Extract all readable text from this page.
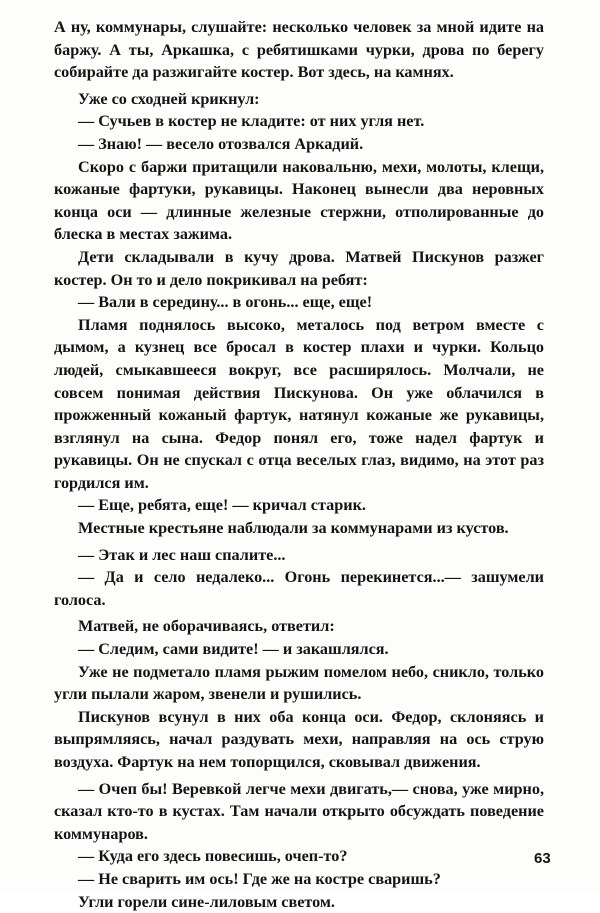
А ну, коммунары, слушайте: несколько человек за мной идите на баржу. А ты, Аркашка, с ребятишками чурки, дрова по берегу собирайте да разжигайте костер. Вот здесь, на камнях.

Уже со сходней крикнул:

— Сучьев в костер не кладите: от них угля нет.

— Знаю! — весело отозвался Аркадий.

Скоро с баржи притащили наковальню, мехи, молоты, клещи, кожаные фартуки, рукавицы. Наконец вынесли два неровных конца оси — длинные железные стержни, отполированные до блеска в местах зажима.

Дети складывали в кучу дрова. Матвей Пискунов разжег костер. Он то и дело покрикивал на ребят:

— Вали в середину... в огонь... еще, еще!

Пламя поднялось высоко, металось под ветром вместе с дымом, а кузнец все бросал в костер плахи и чурки. Кольцо людей, смыкавшееся вокруг, все расширялось. Молчали, не совсем понимая действия Пискунова. Он уже облачился в прожженный кожаный фартук, натянул кожаные же рукавицы, взглянул на сына. Федор понял его, тоже надел фартук и рукавицы. Он не спускал с отца веселых глаз, видимо, на этот раз гордился им.

— Еще, ребята, еще! — кричал старик.

Местные крестьяне наблюдали за коммунарами из кустов.

— Этак и лес наш спалите...

— Да и село недалеко... Огонь перекинется...— зашумели голоса.

Матвей, не оборачиваясь, ответил:

— Следим, сами видите! — и закашлялся.

Уже не подметало пламя рыжим помелом небо, сникло, только угли пылали жаром, звенели и рушились.

Пискунов всунул в них оба конца оси. Федор, склоняясь и выпрямляясь, начал раздувать мехи, направляя на ось струю воздуха. Фартук на нем топорщился, сковывал движения.

— Очеп бы! Веревкой легче мехи двигать,— снова, уже мирно, сказал кто-то в кустах. Там начали открыто обсуждать поведение коммунаров.

— Куда его здесь повесишь, очеп-то?

— Не сварить им ось! Где же на костре сваришь?

Угли горели сине-лиловым светом.

63
